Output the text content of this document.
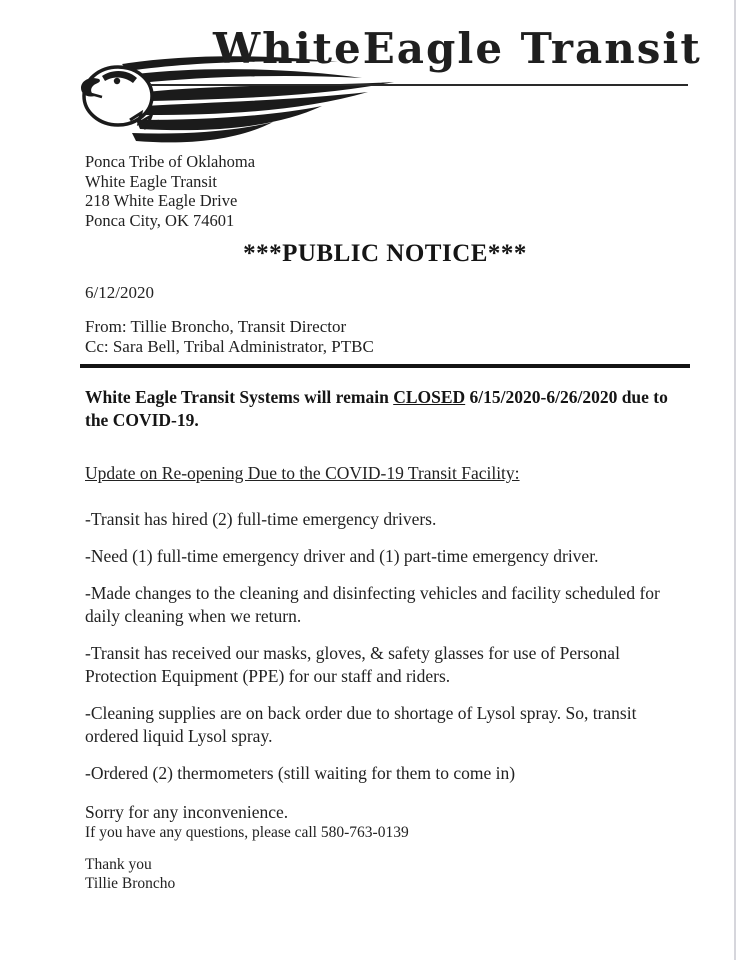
WhiteEagle Transit
Ponca Tribe of Oklahoma
White Eagle Transit
218 White Eagle Drive
Ponca City, OK 74601
***PUBLIC NOTICE***
6/12/2020
From: Tillie Broncho, Transit Director
Cc: Sara Bell, Tribal Administrator, PTBC

White Eagle Transit Systems will remain CLOSED 6/15/2020-6/26/2020 due to the COVID-19.

Update on Re-opening Due to the COVID-19 Transit Facility:

-Transit has hired (2) full-time emergency drivers.

-Need (1) full-time emergency driver and (1) part-time emergency driver.

-Made changes to the cleaning and disinfecting vehicles and facility scheduled for daily cleaning when we return.

-Transit has received our masks, gloves, & safety glasses for use of Personal Protection Equipment (PPE) for our staff and riders.

-Cleaning supplies are on back order due to shortage of Lysol spray. So, transit ordered liquid Lysol spray.

-Ordered (2) thermometers (still waiting for them to come in)

Sorry for any inconvenience.
If you have any questions, please call 580-763-0139
Thank you
Tillie Broncho
